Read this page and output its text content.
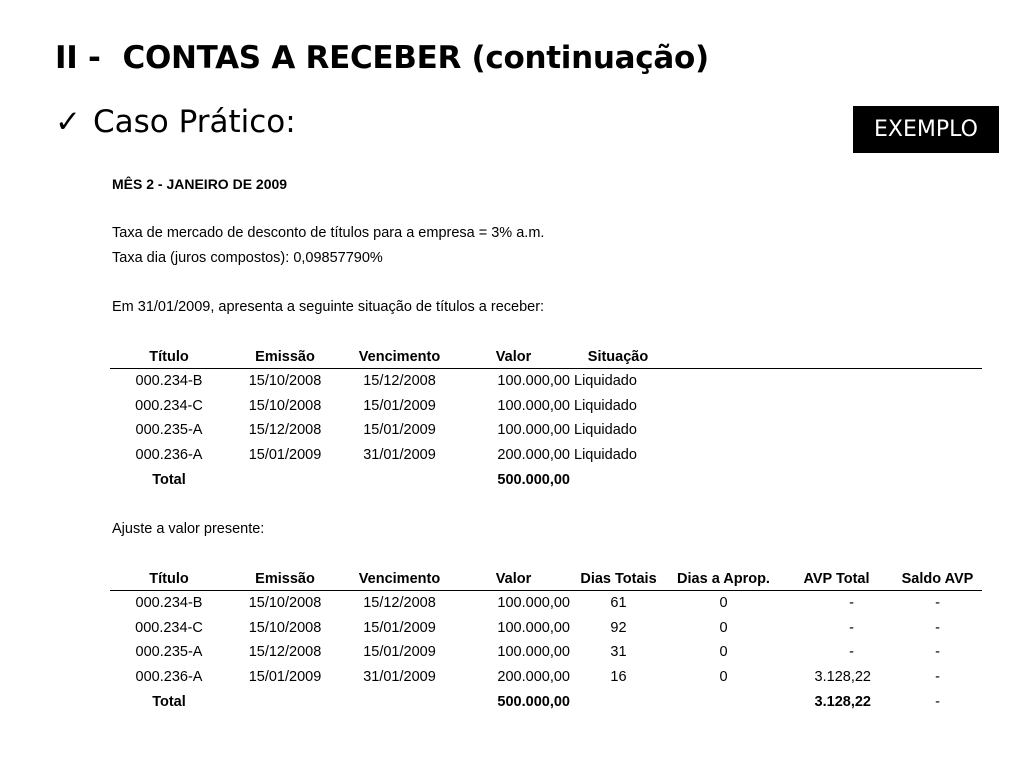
II - CONTAS A RECEBER (continuação)
✓ Caso Prático:	EXEMPLO
MÊS 2 - JANEIRO DE 2009
Taxa de mercado de desconto de títulos para a empresa = 3% a.m.
Taxa dia (juros compostos): 0,09857790%
Em 31/01/2009, apresenta a seguinte situação de títulos a receber:
Título	Emissão	Vencimento	Valor	Situação	
000.234-B	15/10/2008	15/12/2008	100.000,00	Liquidado	
000.234-C	15/10/2008	15/01/2009	100.000,00	Liquidado	
000.235-A	15/12/2008	15/01/2009	100.000,00	Liquidado	
000.236-A	15/01/2009	31/01/2009	200.000,00	Liquidado	
Total			500.000,00		
Ajuste a valor presente:
Título	Emissão	Vencimento	Valor	Dias Totais	Dias a Aprop.	AVP Total	Saldo AVP
000.234-B	15/10/2008	15/12/2008	100.000,00	61	0	-	-
000.234-C	15/10/2008	15/01/2009	100.000,00	92	0	-	-
000.235-A	15/12/2008	15/01/2009	100.000,00	31	0	-	-
000.236-A	15/01/2009	31/01/2009	200.000,00	16	0	3.128,22	-
Total			500.000,00			3.128,22	-
